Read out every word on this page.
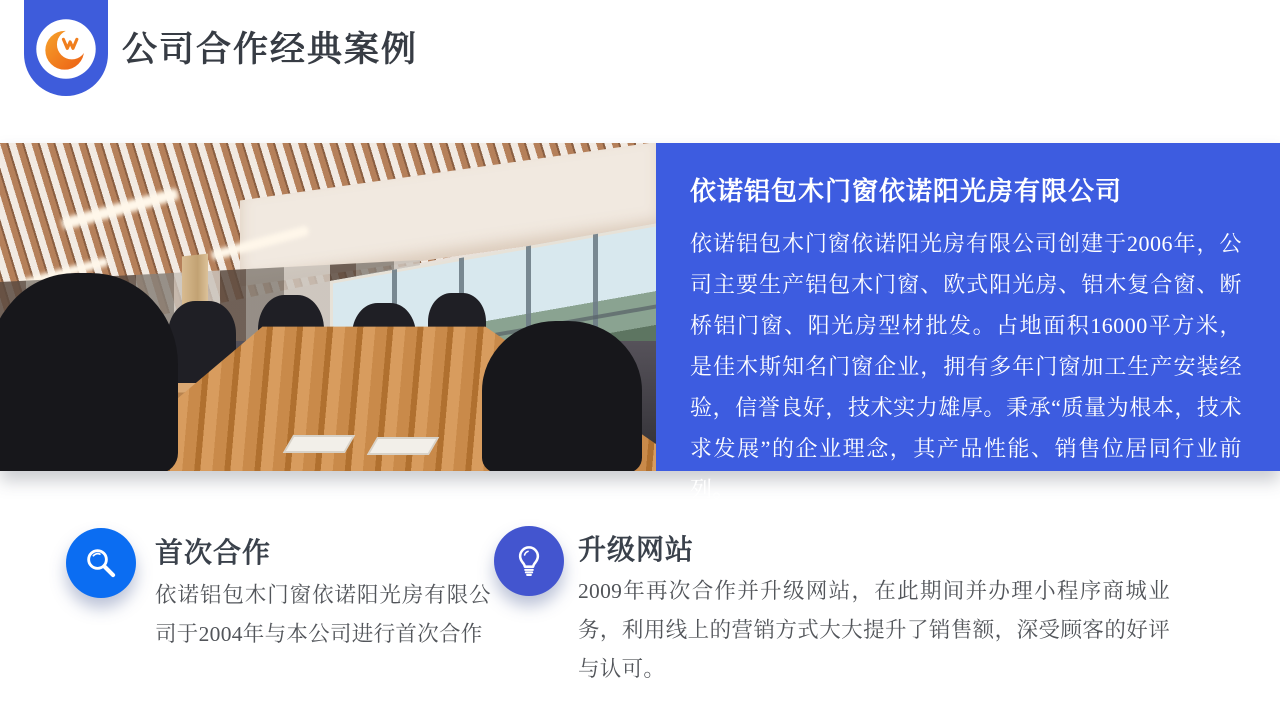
公司合作经典案例

依诺铝包木门窗依诺阳光房有限公司

依诺铝包木门窗依诺阳光房有限公司创建于2006年，公司主要生产铝包木门窗、欧式阳光房、铝木复合窗、断桥铝门窗、阳光房型材批发。占地面积16000平方米，是佳木斯知名门窗企业，拥有多年门窗加工生产安装经验，信誉良好，技术实力雄厚。秉承“质量为根本，技术求发展”的企业理念，其产品性能、销售位居同行业前列。

首次合作
依诺铝包木门窗依诺阳光房有限公司于2004年与本公司进行首次合作
升级网站
2009年再次合作并升级网站，在此期间并办理小程序商城业务，利用线上的营销方式大大提升了销售额，深受顾客的好评与认可。
